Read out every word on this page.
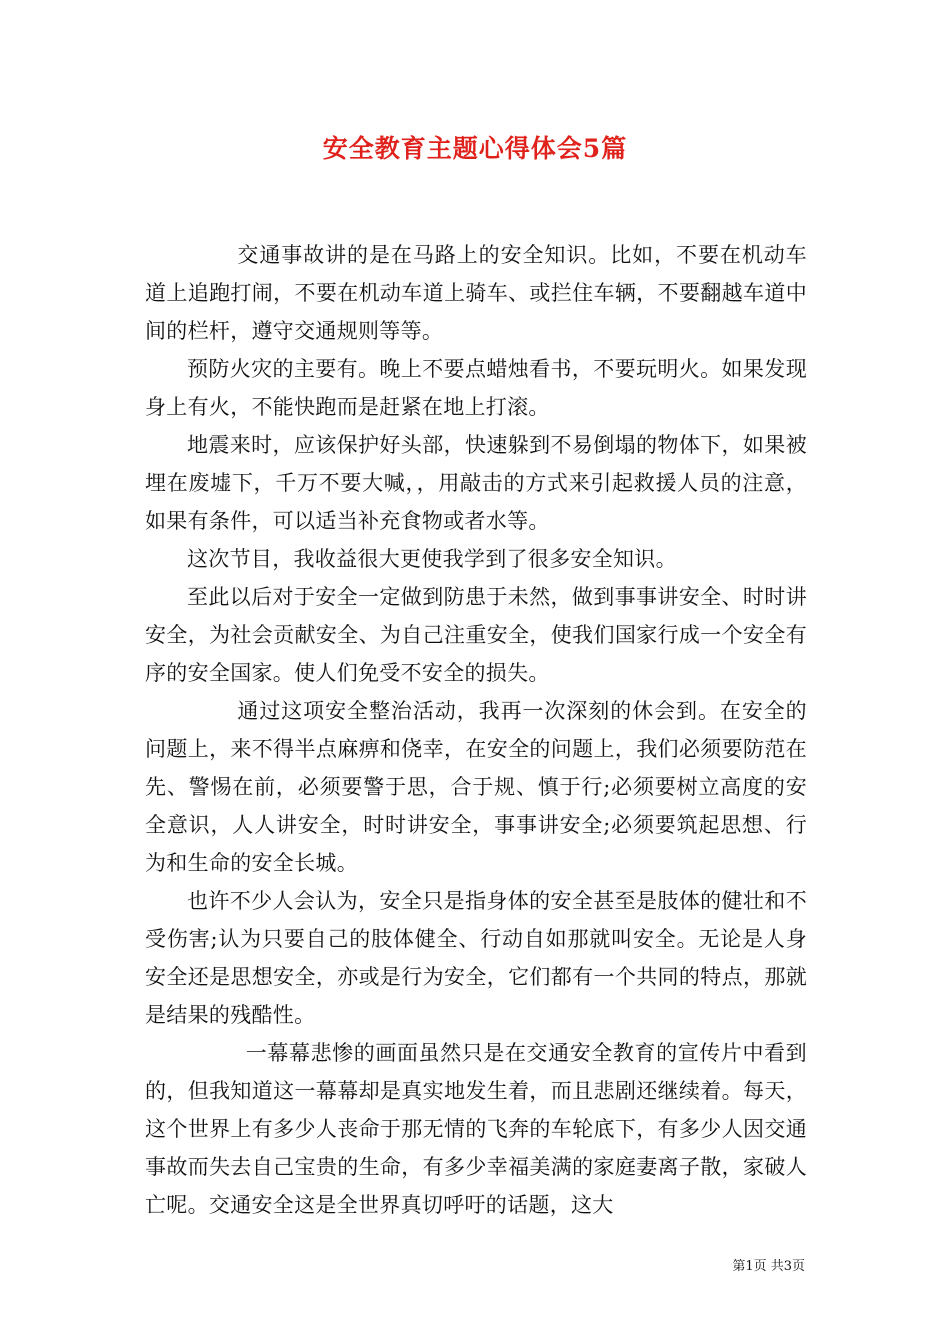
安全教育主题心得体会5篇

交通事故讲的是在马路上的安全知识。比如，不要在机动车道上追跑打闹，不要在机动车道上骑车、或拦住车辆，不要翻越车道中间的栏杆，遵守交通规则等等。

预防火灾的主要有。晚上不要点蜡烛看书，不要玩明火。如果发现身上有火，不能快跑而是赶紧在地上打滚。

地震来时，应该保护好头部，快速躲到不易倒塌的物体下，如果被埋在废墟下，千万不要大喊，，用敲击的方式来引起救援人员的注意，如果有条件，可以适当补充食物或者水等。

这次节目，我收益很大更使我学到了很多安全知识。

至此以后对于安全一定做到防患于未然，做到事事讲安全、时时讲安全，为社会贡献安全、为自己注重安全，使我们国家行成一个安全有序的安全国家。使人们免受不安全的损失。

通过这项安全整治活动，我再一次深刻的休会到。在安全的问题上，来不得半点麻痹和侥幸，在安全的问题上，我们必须要防范在先、警惕在前，必须要警于思，合于规、慎于行;必须要树立高度的安全意识，人人讲安全，时时讲安全，事事讲安全;必须要筑起思想、行为和生命的安全长城。

也许不少人会认为，安全只是指身体的安全甚至是肢体的健壮和不受伤害;认为只要自己的肢体健全、行动自如那就叫安全。无论是人身安全还是思想安全，亦或是行为安全，它们都有一个共同的特点，那就是结果的残酷性。

一幕幕悲惨的画面虽然只是在交通安全教育的宣传片中看到的，但我知道这一幕幕却是真实地发生着，而且悲剧还继续着。每天，这个世界上有多少人丧命于那无情的飞奔的车轮底下，有多少人因交通事故而失去自己宝贵的生命，有多少幸福美满的家庭妻离子散，家破人亡呢。交通安全这是全世界真切呼吁的话题，这大

第1页 共3页
